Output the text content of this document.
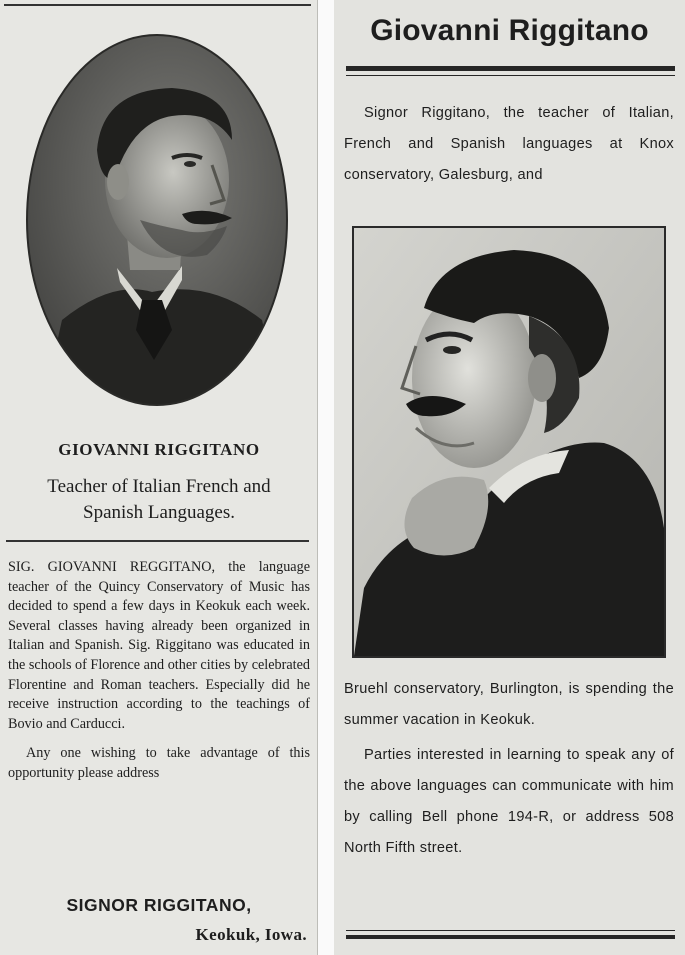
GIOVANNI RIGGITANO
Teacher of Italian French and
Spanish Languages.

SIG. GIOVANNI REGGITANO, the language teacher of the Quincy Conservatory of Music has decided to spend a few days in Keokuk each week. Several classes having already been organized in Italian and Spanish. Sig. Riggitano was educated in the schools of Florence and other cities by celebrated Florentine and Roman teachers. Especially did he receive instruction according to the teachings of Bovio and Carducci.

Any one wishing to take advantage of this opportunity please address

SIGNOR RIGGITANO,
Keokuk, Iowa.
Giovanni Riggitano

Signor Riggitano, the teacher of Italian, French and Spanish languages at Knox conservatory, Galesburg, and

Bruehl conservatory, Burlington, is spending the summer vacation in Keokuk.

Parties interested in learning to speak any of the above languages can communicate with him by calling Bell phone 194-R, or address 508 North Fifth street.
